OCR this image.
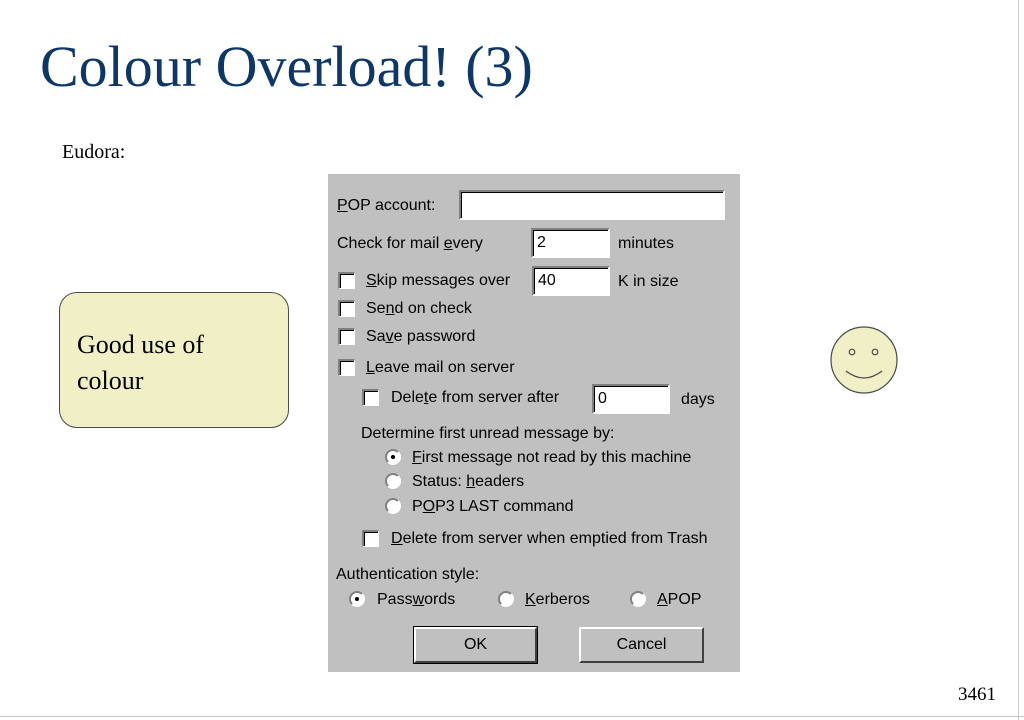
Colour Overload! (3)
Eudora:
Good use of
colour
3461
POP account:
Check for mail every	2	minutes
Skip messages over	40	K in size
Send on check
Save password
Leave mail on server
Delete from server after	0	days
Determine first unread message by:
First message not read by this machine
Status: headers
POP3 LAST command
Delete from server when emptied from Trash
Authentication style:
Passwords	Kerberos	APOP
OK	Cancel
